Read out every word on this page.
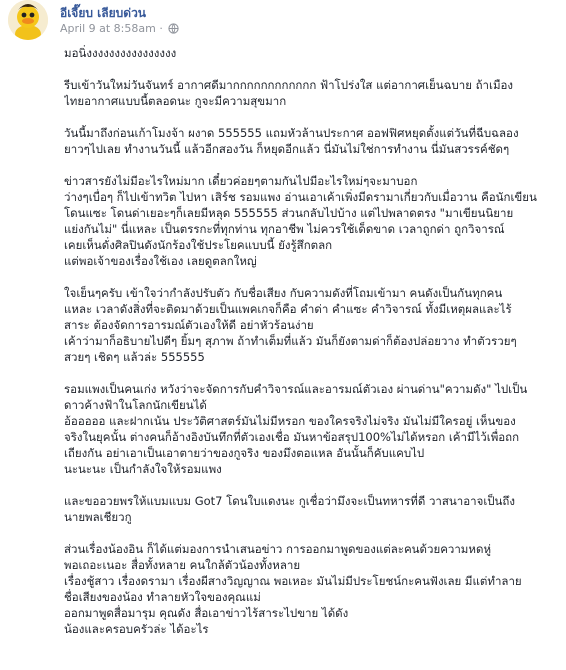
อีเจี๊ยบ เลียบด่วน
April 9 at 8:58am ·
มอนิ่งงงงงงงงงงงงงงงง
รีบเข้าวันใหม่วันจันทร์ อากาศดีมากกกกกกกกกกกก ฟ้าโปร่งใส แต่อากาศเย็นฉบาย ถ้าเมือง
ไทยอากาศแบบนี้ตลอดนะ กูจะมีความสุขมาก
วันนี้มาถึงก่อนเก้าโมงจ้า ผงาด 555555 แถมหัวล้านประกาศ ออฟฟิศหยุดตั้งแต่วันที่ฉีบฉลอง
ยาวๆไปเลย ทำงานวันนี้ แล้วอีกสองวัน ก็หยุดอีกแล้ว นี่มันไม่ใช่การทำงาน นี่มันสวรรค์ชัดๆ
ข่าวสารยังไม่มีอะไรใหม่มาก เดี๋ยวค่อยๆตามกันไปมีอะไรใหม่ๆจะมาบอก
ว่างๆเบื่อๆ ก็ไปเข้าทวิต ไปหา เสิร์ช รอมแพง อ่านเอาเค้าเพิ่งมีดรามาเกี่ยวกับเมื่อวาน คือนักเขียน
โดนแซะ โดนด่าเยอะๆก็เลยมีหลุด 555555 ส่วนกลับไปบ้าง แต่ไปพลาดตรง "มาเขียนนิยาย
แย่งกันไม่" นี่แหละ เป็นตรรกะที่ทุกท่าน ทุกอาชีพ ไม่ควรใช้เด็ดขาด เวลาถูกด่า ถูกวิจารณ์
เคยเห็นดั่งศิลปินดังนักร้องใช้ประโยคแบบนี้ ยังรู้สึกตลก
แต่พอเจ้าของเรื่องใช้เอง เลยดูตลกใหญ่
ใจเย็นๆครับ เข้าใจว่ากำลังปรับตัว กับชื่อเสียง กับความดังที่โถมเข้ามา คนดังเป็นกันทุกคน
แหละ เวลาดังสิ่งที่จะติดมาด้วยเป็นแพคเกจก็คือ คำด่า คำแซะ คำวิจารณ์ ทั้งมีเหตุผลและไร้
สาระ ต้องจัดการอารมณ์ตัวเองให้ดี อย่าหัวร้อนง่าย
เค้าว่ามาก็อธิบายไปดีๆ ยิ้มๆ สุภาพ ถ้าทำเต็มที่แล้ว มันก็ยังตามด่าก็ต้องปล่อยวาง ทำตัวรวยๆ
สวยๆ เชิดๆ แล้วล่ะ 555555
รอมแพงเป็นคนเก่ง หวังว่าจะจัดการกับคำวิจารณ์และอารมณ์ตัวเอง ผ่านด่าน"ความดัง" ไปเป็น
ดาวค้างฟ้าในโลกนักเขียนได้
อ้อออออ และฝากเน้น ประวัติศาสตร์มันไม่มีหรอก ของใครจริงไม่จริง มันไม่มีใครอยู่ เห็นของ
จริงในยุคนั้น ต่างคนก็อ้างอิงบันทึกที่ตัวเองเชื่อ มันหาข้อสรุป100%ไม่ได้หรอก เค้ามีไว้เพื่อถก
เถียงกัน อย่าเอาเป็นเอาตายว่าของกูจริง ของมึงตอแหล อันนั้นก็คับแคบไป
นะนะนะ เป็นกำลังใจให้รอมแพง
และขออวยพรให้แบมแบม Got7 โดนใบแดงนะ กูเชื่อว่ามึงจะเป็นทหารที่ดี วาสนาอาจเป็นถึง
นายพลเชียวกู
ส่วนเรื่องน้องอิน ก็ได้แต่มองการนำเสนอข่าว การออกมาพูดของแต่ละคนด้วยความหดหู่
พอเถอะเนอะ สื่อทั้งหลาย คนใกล้ตัวน้องทั้งหลาย
เรื่องชู้สาว เรื่องดรามา เรื่องผีสางวิญญาณ พอเหอะ มันไม่มีประโยชน์กะคนฟังเลย มีแต่ทำลาย
ชื่อเสียงของน้อง ทำลายหัวใจของคุณแม่
ออกมาพูดสื่อมารุม คุณดัง สื่อเอาข่าวไร้สาระไปขาย ได้ดัง
น้องและครอบครัวล่ะ ได้อะไร
